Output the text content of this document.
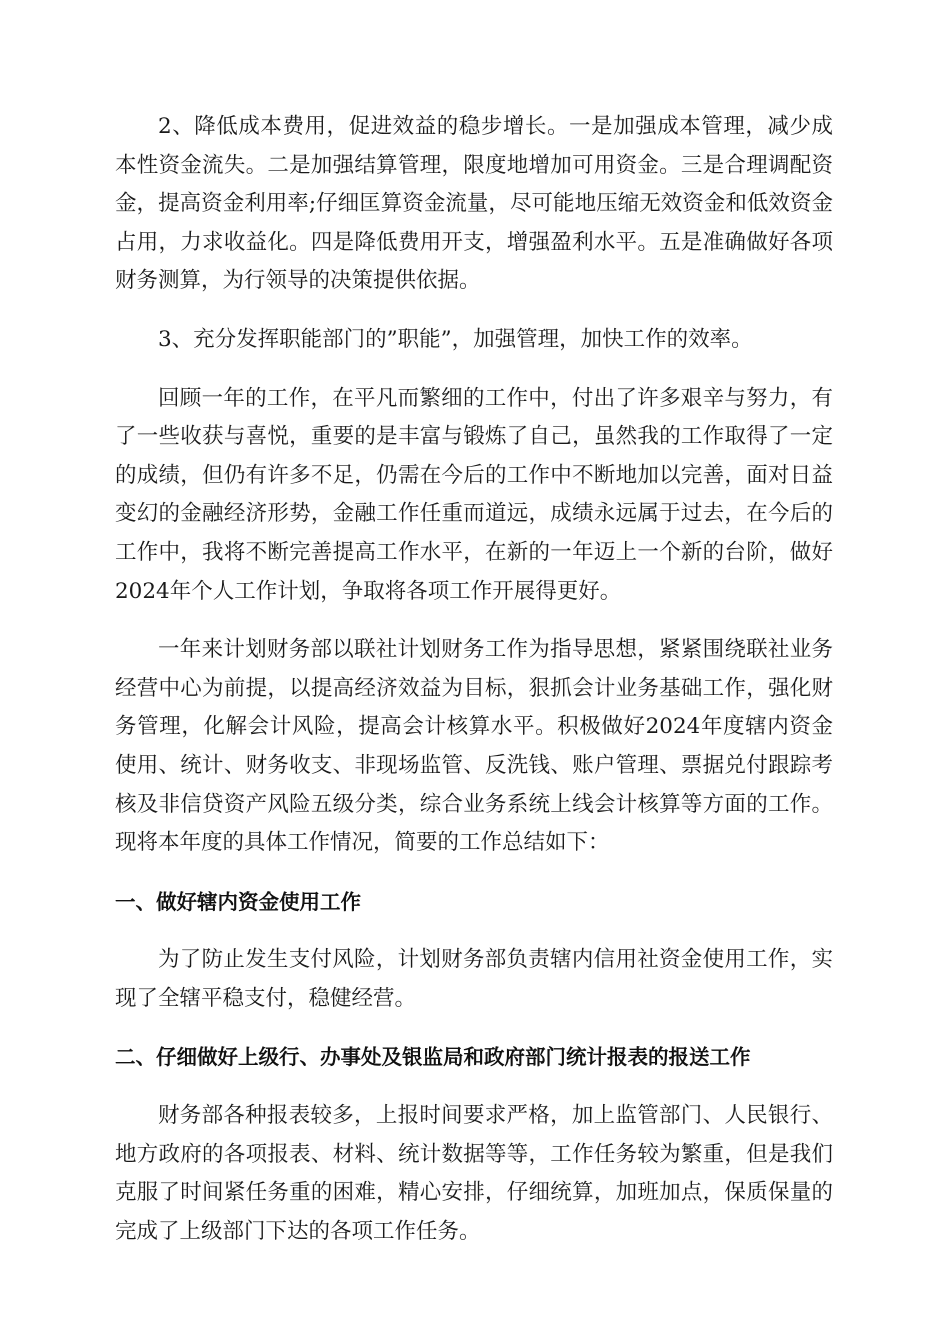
2、降低成本费用，促进效益的稳步增长。一是加强成本管理，减少成本性资金流失。二是加强结算管理，限度地增加可用资金。三是合理调配资金，提高资金利用率;仔细匡算资金流量，尽可能地压缩无效资金和低效资金占用，力求收益化。四是降低费用开支，增强盈利水平。五是准确做好各项财务测算，为行领导的决策提供依据。

3、充分发挥职能部门的”职能”，加强管理，加快工作的效率。

回顾一年的工作，在平凡而繁细的工作中，付出了许多艰辛与努力，有了一些收获与喜悦，重要的是丰富与锻炼了自己，虽然我的工作取得了一定的成绩，但仍有许多不足，仍需在今后的工作中不断地加以完善，面对日益变幻的金融经济形势，金融工作任重而道远，成绩永远属于过去，在今后的工作中，我将不断完善提高工作水平，在新的一年迈上一个新的台阶，做好2024年个人工作计划，争取将各项工作开展得更好。

一年来计划财务部以联社计划财务工作为指导思想，紧紧围绕联社业务经营中心为前提，以提高经济效益为目标，狠抓会计业务基础工作，强化财务管理，化解会计风险，提高会计核算水平。积极做好2024年度辖内资金使用、统计、财务收支、非现场监管、反洗钱、账户管理、票据兑付跟踪考核及非信贷资产风险五级分类，综合业务系统上线会计核算等方面的工作。现将本年度的具体工作情况，简要的工作总结如下：

一、做好辖内资金使用工作

为了防止发生支付风险，计划财务部负责辖内信用社资金使用工作，实现了全辖平稳支付，稳健经营。

二、仔细做好上级行、办事处及银监局和政府部门统计报表的报送工作

财务部各种报表较多，上报时间要求严格，加上监管部门、人民银行、地方政府的各项报表、材料、统计数据等等，工作任务较为繁重，但是我们克服了时间紧任务重的困难，精心安排，仔细统算，加班加点，保质保量的完成了上级部门下达的各项工作任务。
